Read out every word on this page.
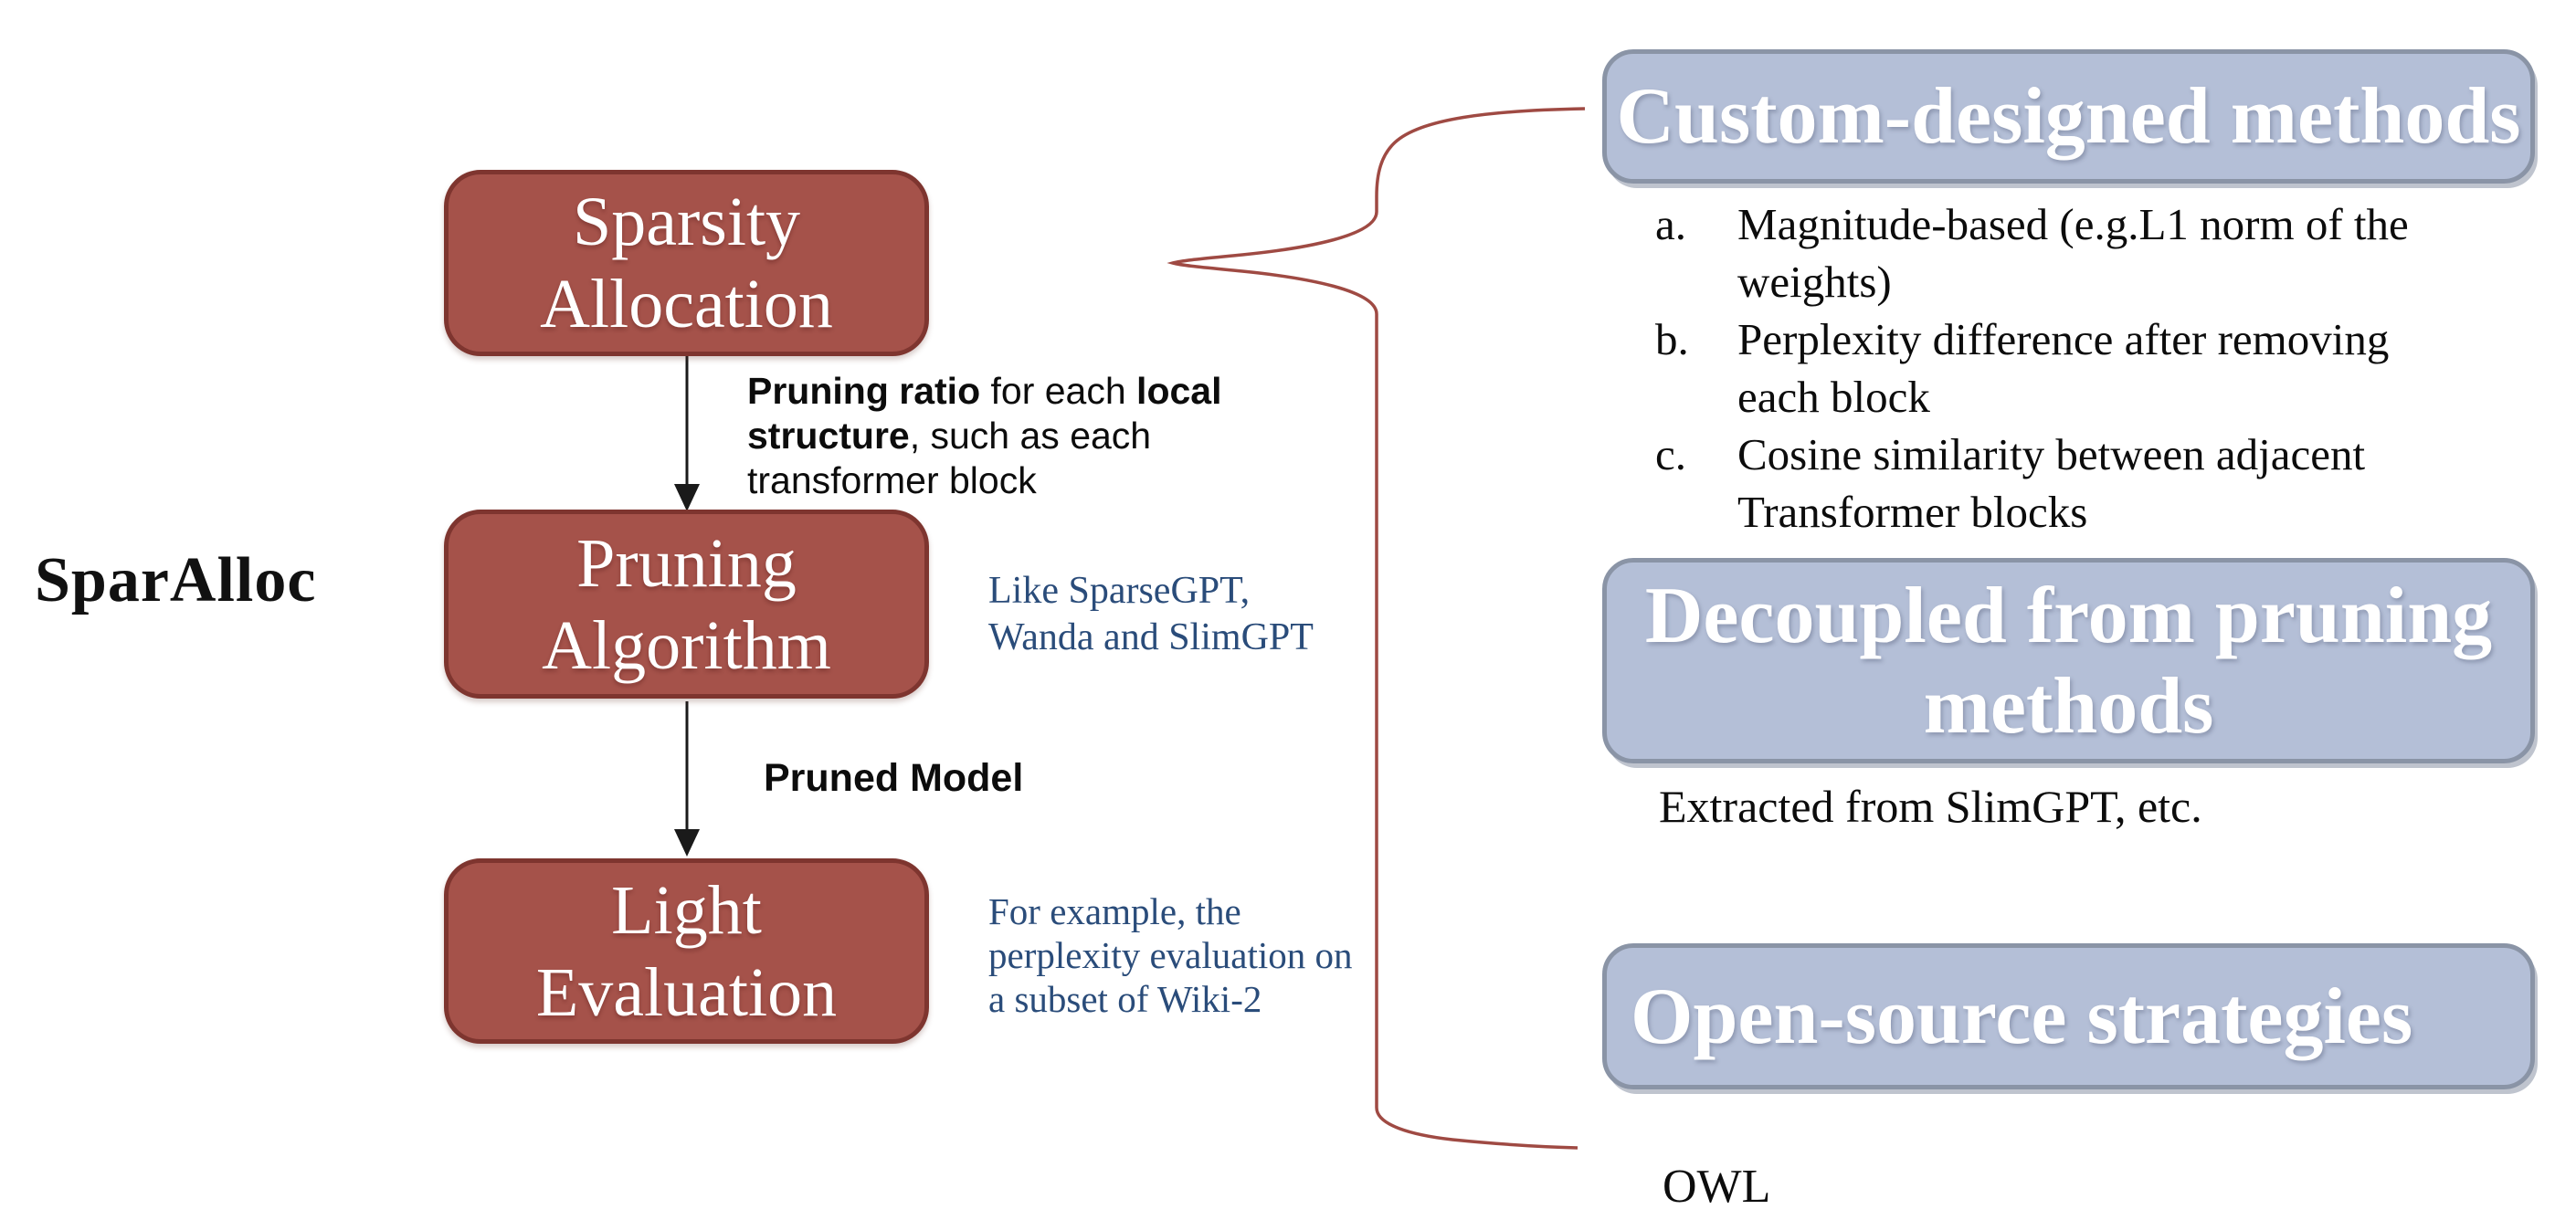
SparAlloc
Sparsity
Allocation
Pruning ratio for each local structure, such as each transformer block
Pruning
Algorithm
Like SparseGPT, Wanda and SlimGPT
Pruned Model
Light
Evaluation
For example, the perplexity evaluation on a subset of Wiki-2
Custom-designed methods
a.	Magnitude-based (e.g.L1 norm of the weights)
b.	Perplexity difference after removing each block
c.	Cosine similarity between adjacent Transformer blocks
Decoupled from pruning methods
Extracted from SlimGPT, etc.
Open-source strategies
OWL
